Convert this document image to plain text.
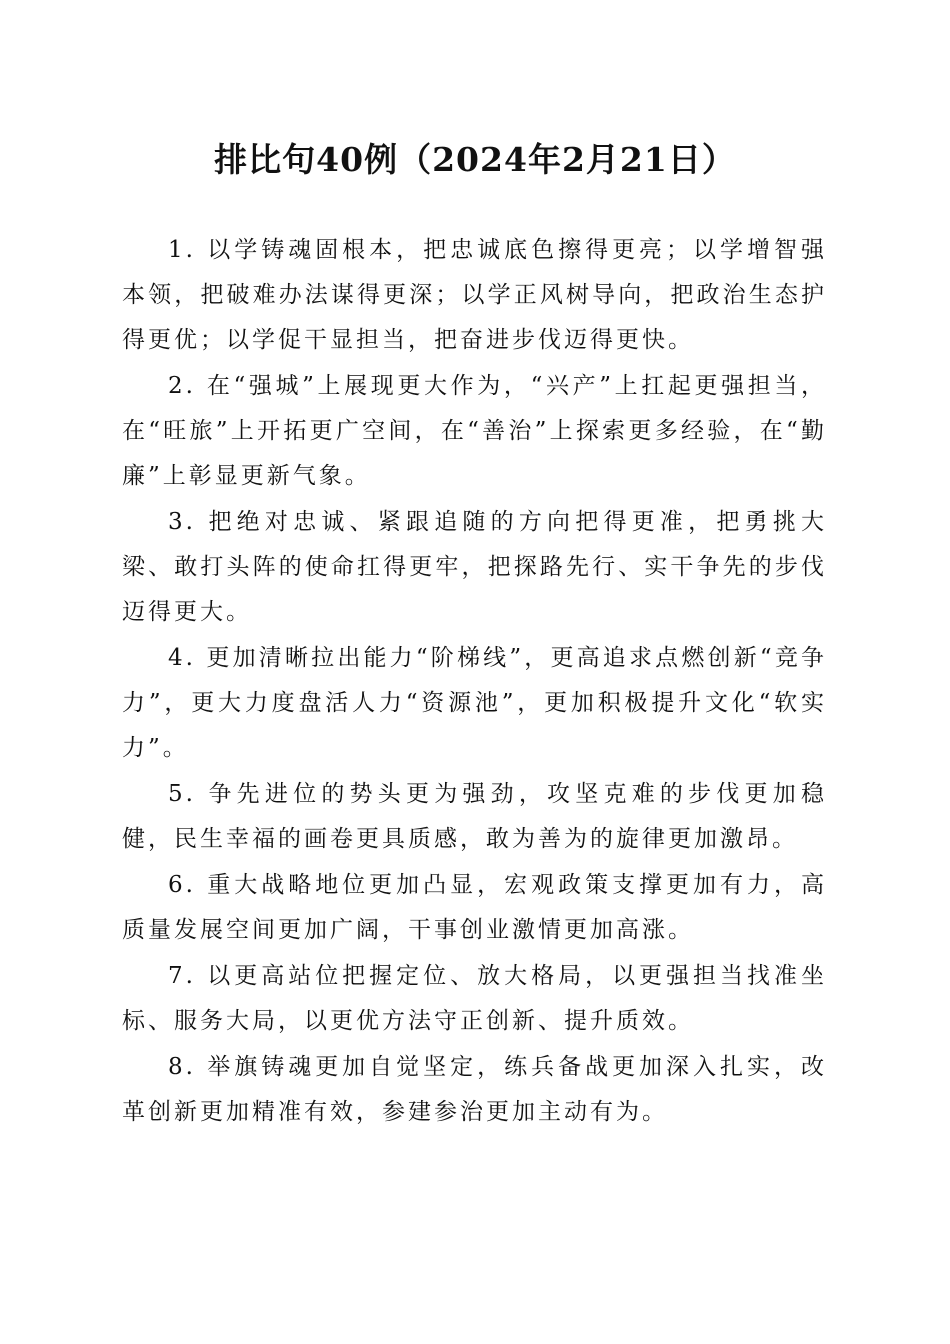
排比句40例（2024年2月21日）

1. 以学铸魂固根本，把忠诚底色擦得更亮；以学增智强本领，把破难办法谋得更深；以学正风树导向，把政治生态护得更优；以学促干显担当，把奋进步伐迈得更快。

2. 在“强城”上展现更大作为，“兴产”上扛起更强担当，在“旺旅”上开拓更广空间，在“善治”上探索更多经验，在“勤廉”上彰显更新气象。

3. 把绝对忠诚、紧跟追随的方向把得更准，把勇挑大梁、敢打头阵的使命扛得更牢，把探路先行、实干争先的步伐迈得更大。

4. 更加清晰拉出能力“阶梯线”，更高追求点燃创新“竞争力”，更大力度盘活人力“资源池”，更加积极提升文化“软实力”。

5. 争先进位的势头更为强劲，攻坚克难的步伐更加稳健，民生幸福的画卷更具质感，敢为善为的旋律更加激昂。

6. 重大战略地位更加凸显，宏观政策支撑更加有力，高质量发展空间更加广阔，干事创业激情更加高涨。

7. 以更高站位把握定位、放大格局，以更强担当找准坐标、服务大局，以更优方法守正创新、提升质效。

8. 举旗铸魂更加自觉坚定，练兵备战更加深入扎实，改革创新更加精准有效，参建参治更加主动有为。
